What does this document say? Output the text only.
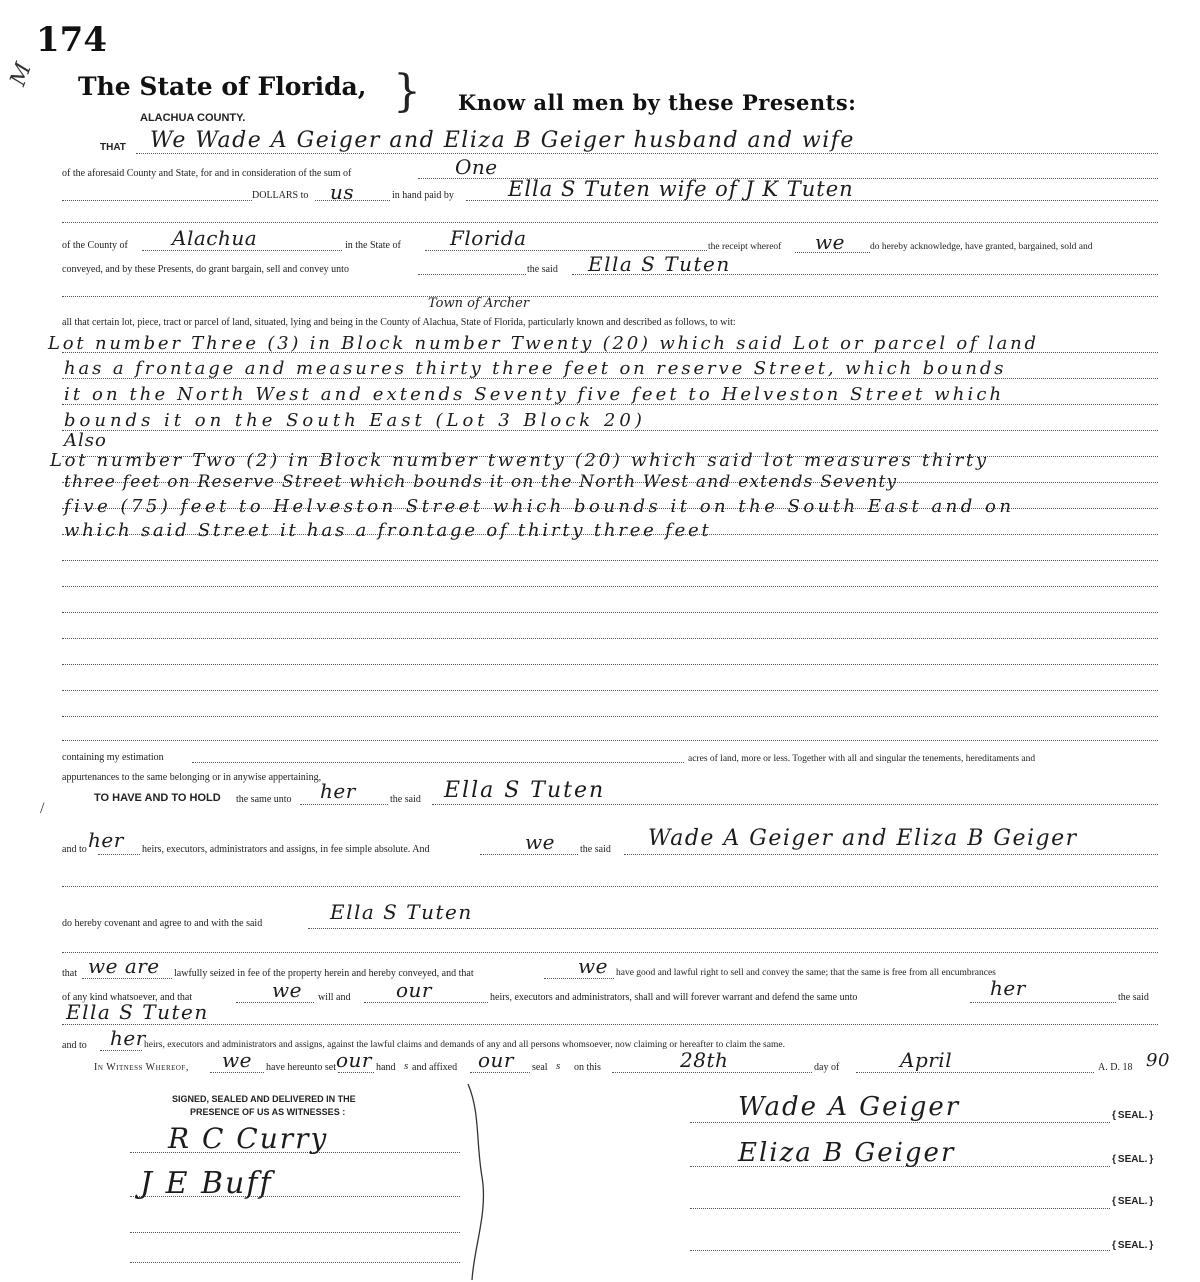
174
M The State of Florida, }
ALACHUA COUNTY.
Know all men by these Presents:
THAT We Wade A Geiger and Eliza B Geiger husband and wife
of the aforesaid County and State, for and in consideration of the sum of	One
DOLLARS to us	in hand paid by	Ella S Tuten wife of J K Tuten
of the County of Alachua	in the State of Florida	the receipt whereof we	do hereby acknowledge, have granted, bargained, sold and
conveyed, and by these Presents, do grant bargain, sell and convey unto	the said Ella S Tuten
Town of Archer
all that certain lot, piece, tract or parcel of land, situated, lying and being in the County of Alachua, State of Florida, particularly known and described as follows, to wit:
Lot number Three (3) in Block number Twenty (20) which said Lot or parcel of land
has a frontage and measures thirty three feet on reserve Street, which bounds
it on the North West and extends Seventy five feet to Helveston Street which
bounds it on the South East (Lot 3 Block 20)
Also
Lot number Two (2) in Block number twenty (20) which said lot measures thirty
three feet on Reserve Street which bounds it on the North West and extends Seventy
five (75) feet to Helveston Street which bounds it on the South East and on
which said Street it has a frontage of thirty three feet
containing my estimation	acres of land, more or less. Together with all and singular the tenements, hereditaments and
appurtenances to the same belonging or in anywise appertaining,
TO HAVE AND TO HOLD the same unto her	the said Ella S Tuten
/
and to her heirs, executors, administrators and assigns, in fee simple absolute. And	we	the said Wade A Geiger and Eliza B Geiger
do hereby covenant and agree to and with the said	Ella S Tuten
that we are lawfully seized in fee of the property herein and hereby conveyed, and that	we have good and lawful right to sell and convey the same; that the same is free from all encumbrances
of any kind whatsoever, and that	we will and our	heirs, executors and administrators, shall and will forever warrant and defend the same unto	her	the said
Ella S Tuten
and to her
heirs, executors and administrators and assigns, against the lawful claims and demands of any and all persons whomsoever, now claiming or hereafter to claim the same.
In Witness Whereof, we have hereunto set our hand s and affixed our seal s on this	28th	day of	April	A. D. 18 90
SIGNED, SEALED AND DELIVERED IN THE
PRESENCE OF US AS WITNESSES :
R C Curry
J E Buff
Wade A Geiger
Eliza B Geiger
{ SEAL. }
{ SEAL. }
{ SEAL. }
{ SEAL. }
